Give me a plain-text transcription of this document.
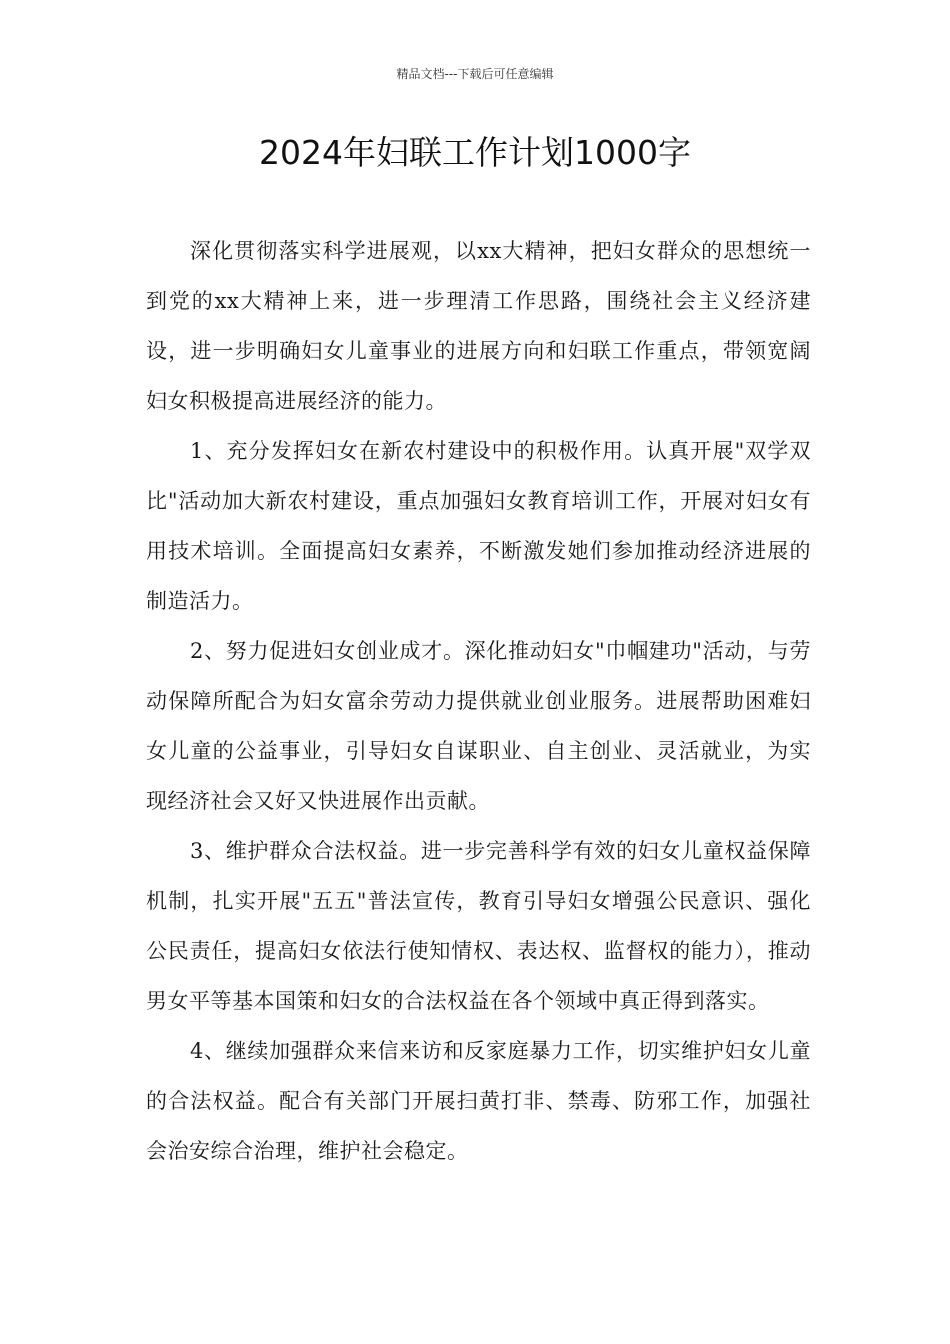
精品文档---下载后可任意编辑
2024年妇联工作计划1000字

深化贯彻落实科学进展观，以xx大精神，把妇女群众的思想统一到党的xx大精神上来，进一步理清工作思路，围绕社会主义经济建设，进一步明确妇女儿童事业的进展方向和妇联工作重点，带领宽阔妇女积极提高进展经济的能力。

1、充分发挥妇女在新农村建设中的积极作用。认真开展"双学双比"活动加大新农村建设，重点加强妇女教育培训工作，开展对妇女有用技术培训。全面提高妇女素养，不断激发她们参加推动经济进展的制造活力。

2、努力促进妇女创业成才。深化推动妇女"巾帼建功"活动，与劳动保障所配合为妇女富余劳动力提供就业创业服务。进展帮助困难妇女儿童的公益事业，引导妇女自谋职业、自主创业、灵活就业，为实现经济社会又好又快进展作出贡献。

3、维护群众合法权益。进一步完善科学有效的妇女儿童权益保障机制，扎实开展"五五"普法宣传，教育引导妇女增强公民意识、强化公民责任，提高妇女依法行使知情权、表达权、监督权的能力），推动男女平等基本国策和妇女的合法权益在各个领域中真正得到落实。

4、继续加强群众来信来访和反家庭暴力工作，切实维护妇女儿童的合法权益。配合有关部门开展扫黄打非、禁毒、防邪工作，加强社会治安综合治理，维护社会稳定。
